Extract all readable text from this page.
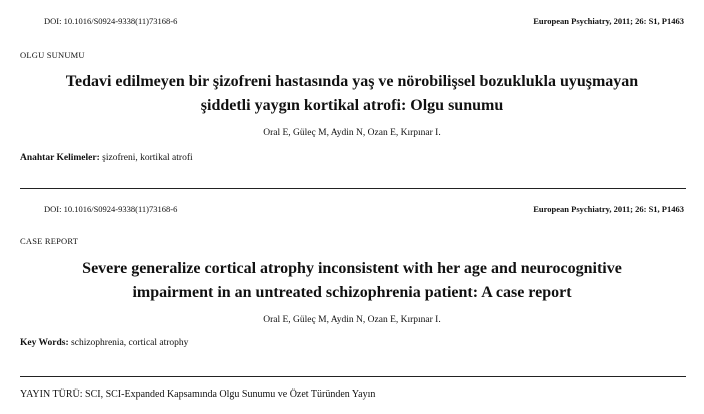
DOI: 10.1016/S0924-9338(11)73168-6	European Psychiatry, 2011; 26: S1, P1463
OLGU SUNUMU
Tedavi edilmeyen bir şizofreni hastasında yaş ve nörobilişsel bozuklukla uyuşmayan
şiddetli yaygın kortikal atrofi: Olgu sunumu
Oral E, Güleç M, Aydin N, Ozan E, Kırpınar I.
Anahtar Kelimeler: şizofreni, kortikal atrofi
DOI: 10.1016/S0924-9338(11)73168-6	European Psychiatry, 2011; 26: S1, P1463
CASE REPORT
Severe generalize cortical atrophy inconsistent with her age and neurocognitive
impairment in an untreated schizophrenia patient: A case report
Oral E, Güleç M, Aydin N, Ozan E, Kırpınar I.
Key Words: schizophrenia, cortical atrophy
YAYIN TÜRÜ: SCI, SCI-Expanded Kapsamında Olgu Sunumu ve Özet Türünden Yayın
